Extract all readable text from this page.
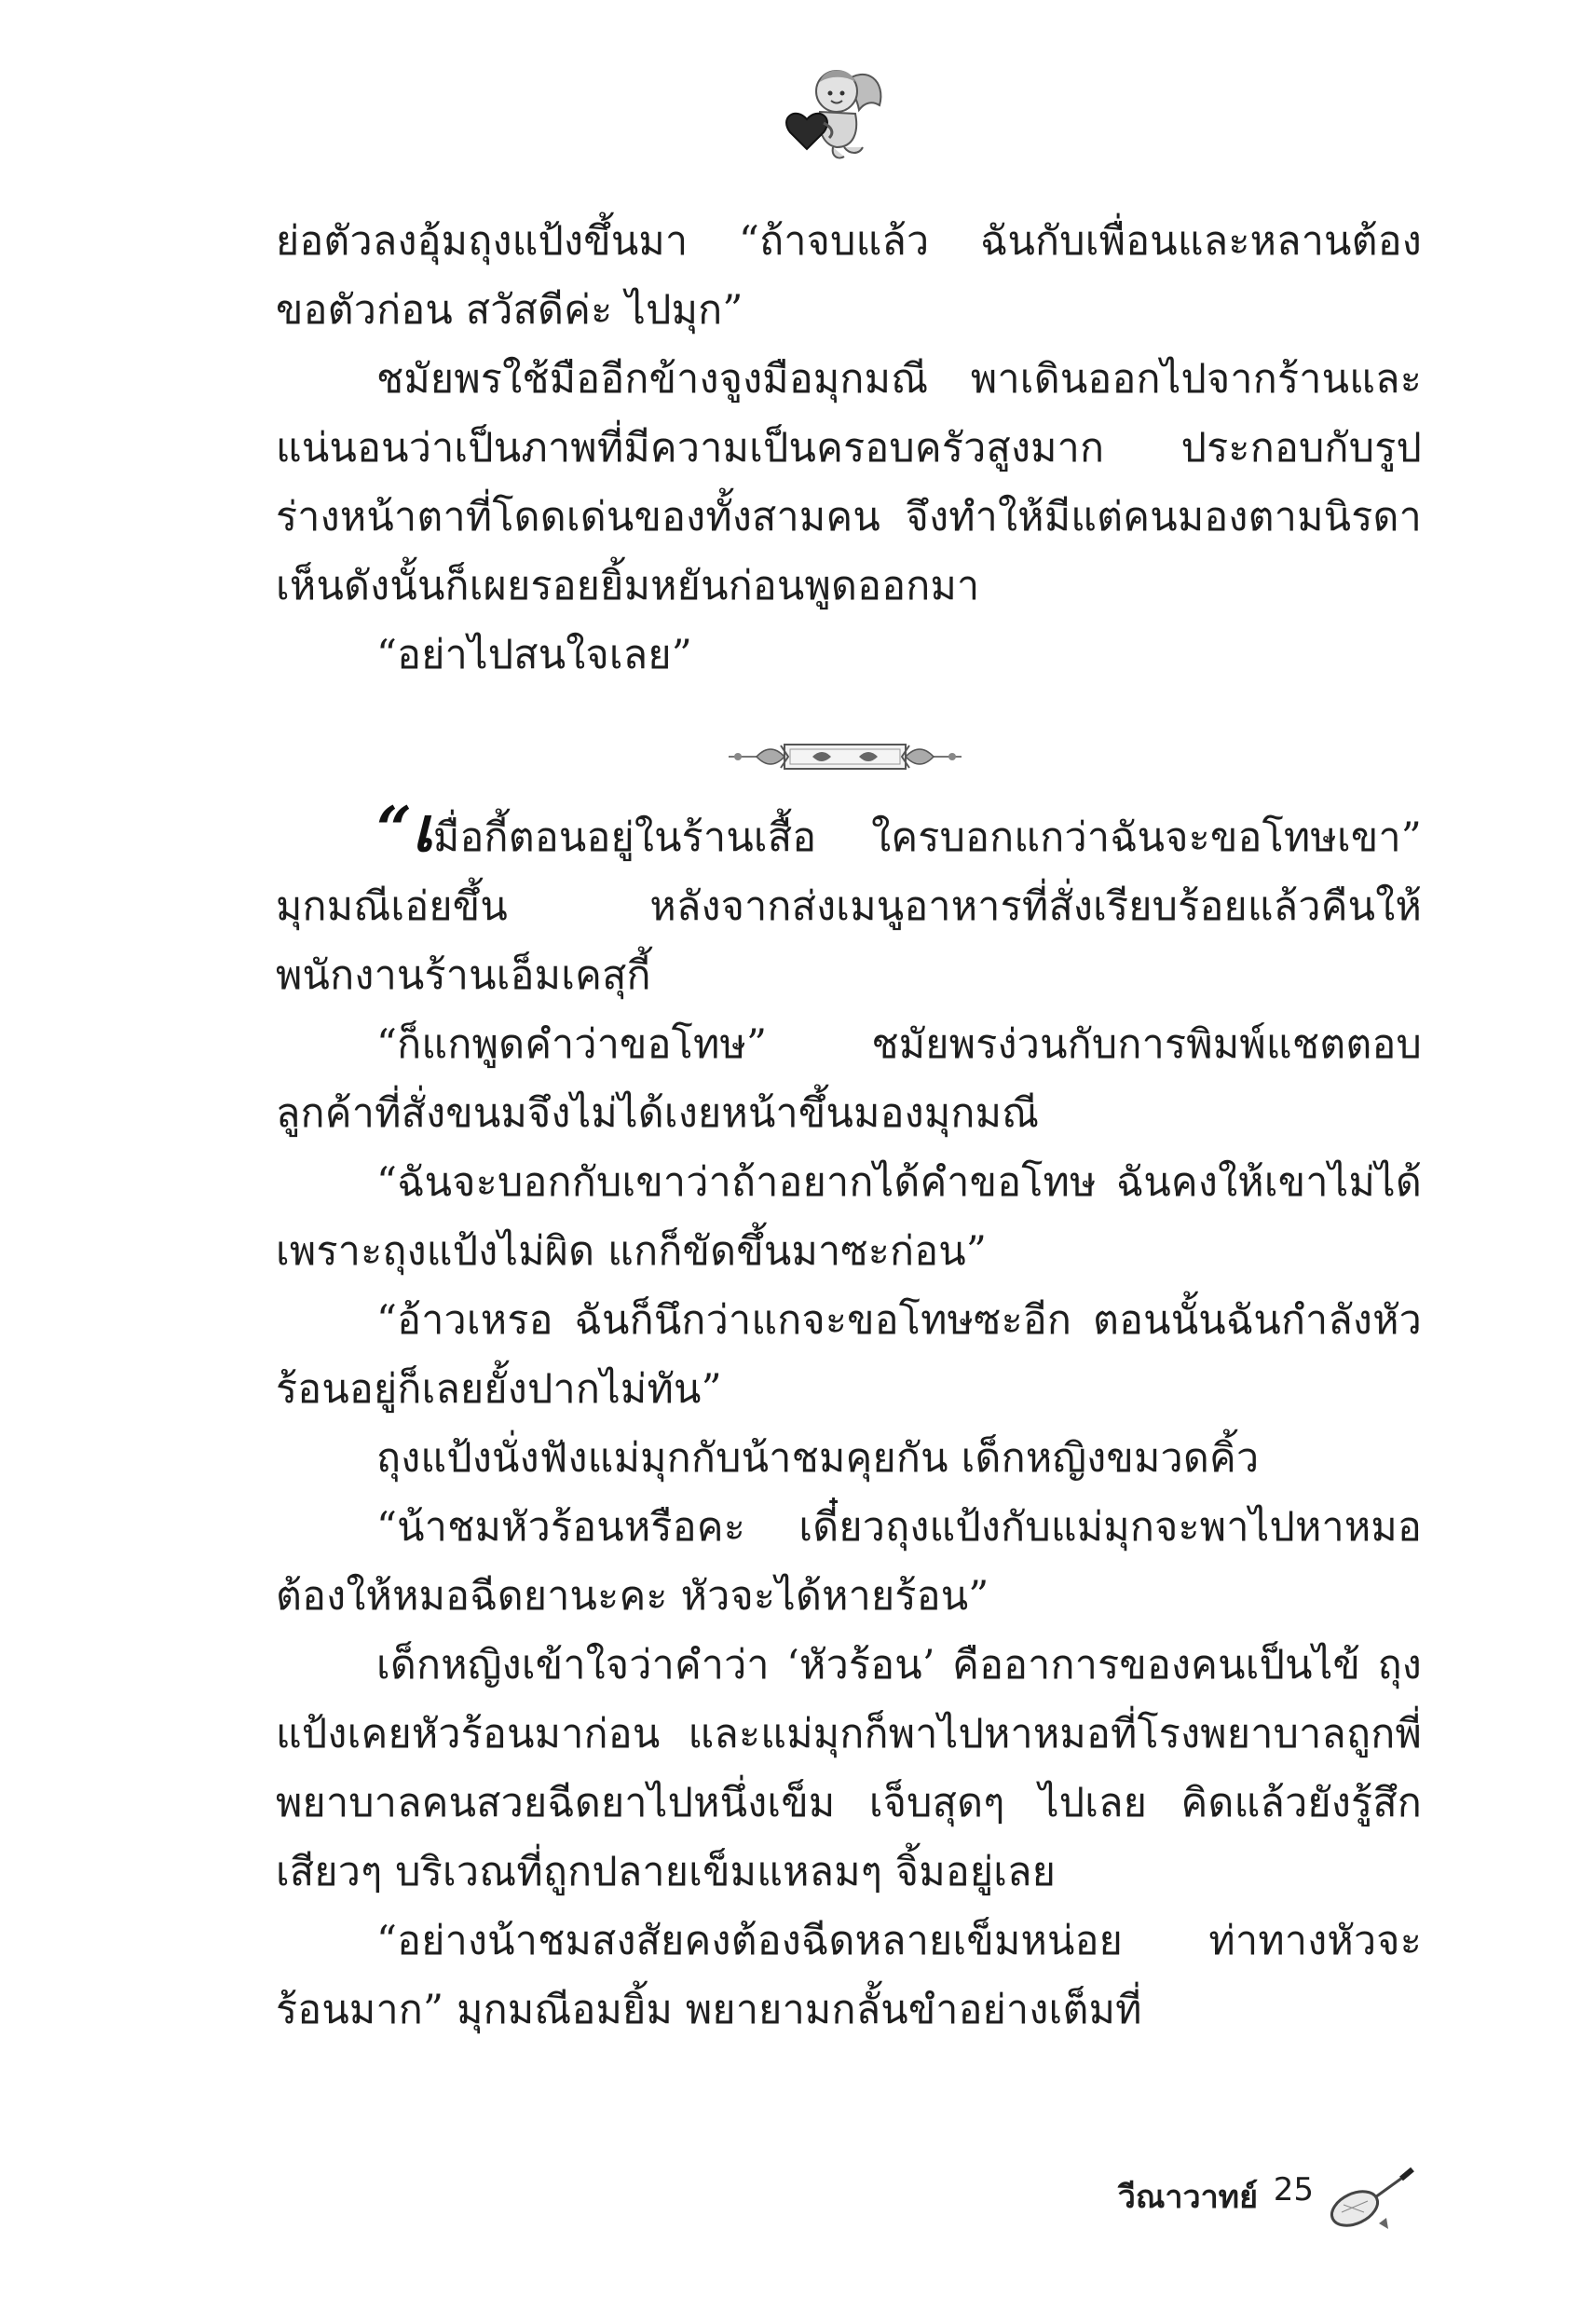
ย่อตัวลงอุ้มถุงแป้งขึ้นมา “ถ้าจบแล้ว ฉันกับเพื่อนและหลานต้องขอตัวก่อน สวัสดีค่ะ ไปมุก”

ชมัยพรใช้มืออีกข้างจูงมือมุกมณี พาเดินออกไปจากร้านและแน่นอนว่าเป็นภาพที่มีความเป็นครอบครัวสูงมาก ประกอบกับรูปร่างหน้าตาที่โดดเด่นของทั้งสามคน จึงทำให้มีแต่คนมองตามนิรดาเห็นดังนั้นก็เผยรอยยิ้มหยันก่อนพูดออกมา

“อย่าไปสนใจเลย”

“เมื่อกี้ตอนอยู่ในร้านเสื้อ ใครบอกแกว่าฉันจะขอโทษเขา” มุกมณีเอ่ยขึ้น หลังจากส่งเมนูอาหารที่สั่งเรียบร้อยแล้วคืนให้พนักงานร้านเอ็มเคสุกี้

“ก็แกพูดคำว่าขอโทษ” ชมัยพรง่วนกับการพิมพ์แชตตอบลูกค้าที่สั่งขนมจึงไม่ได้เงยหน้าขึ้นมองมุกมณี

“ฉันจะบอกกับเขาว่าถ้าอยากได้คำขอโทษ ฉันคงให้เขาไม่ได้ เพราะถุงแป้งไม่ผิด แกก็ขัดขึ้นมาซะก่อน”

“อ้าวเหรอ ฉันก็นึกว่าแกจะขอโทษซะอีก ตอนนั้นฉันกำลังหัวร้อนอยู่ก็เลยยั้งปากไม่ทัน”

ถุงแป้งนั่งฟังแม่มุกกับน้าชมคุยกัน เด็กหญิงขมวดคิ้ว

“น้าชมหัวร้อนหรือคะ เดี๋ยวถุงแป้งกับแม่มุกจะพาไปหาหมอต้องให้หมอฉีดยานะคะ หัวจะได้หายร้อน”

เด็กหญิงเข้าใจว่าคำว่า ‘หัวร้อน’ คืออาการของคนเป็นไข้ ถุงแป้งเคยหัวร้อนมาก่อน และแม่มุกก็พาไปหาหมอที่โรงพยาบาลถูกพี่พยาบาลคนสวยฉีดยาไปหนึ่งเข็ม เจ็บสุดๆ ไปเลย คิดแล้วยังรู้สึกเสียวๆ บริเวณที่ถูกปลายเข็มแหลมๆ จิ้มอยู่เลย

“อย่างน้าชมสงสัยคงต้องฉีดหลายเข็มหน่อย ท่าทางหัวจะร้อนมาก” มุกมณีอมยิ้ม พยายามกลั้นขำอย่างเต็มที่

วีณาวาทย์ 25
